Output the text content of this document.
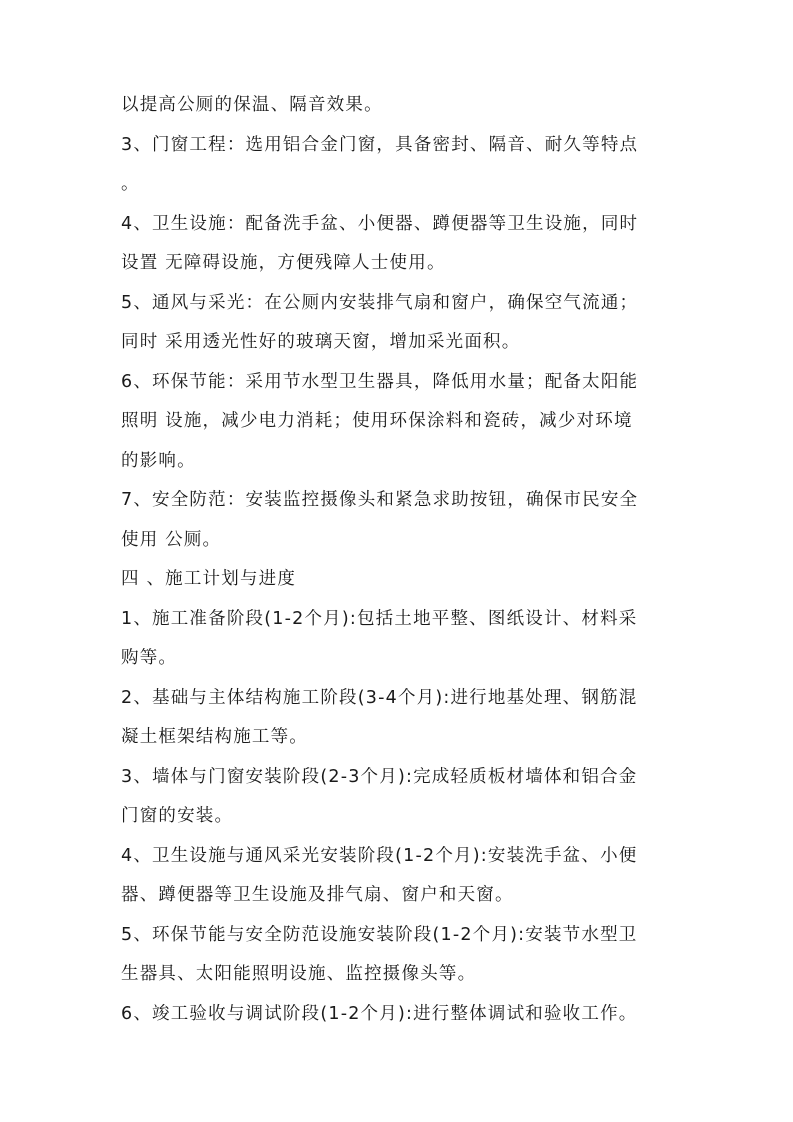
以提高公厕的保温、隔音效果。
3、门窗工程：选用铝合金门窗，具备密封、隔音、耐久等特点
。
4、卫生设施：配备洗手盆、小便器、蹲便器等卫生设施，同时
设置 无障碍设施，方便残障人士使用。
5、通风与采光：在公厕内安装排气扇和窗户，确保空气流通；
同时 采用透光性好的玻璃天窗，增加采光面积。
6、环保节能：采用节水型卫生器具，降低用水量；配备太阳能
照明 设施，减少电力消耗；使用环保涂料和瓷砖，减少对环境
的影响。
7、安全防范：安装监控摄像头和紧急求助按钮，确保市民安全
使用 公厕。
四 、施工计划与进度
1、施工准备阶段(1-2个月):包括土地平整、图纸设计、材料采
购等。
2、基础与主体结构施工阶段(3-4个月):进行地基处理、钢筋混
凝土框架结构施工等。
3、墙体与门窗安装阶段(2-3个月):完成轻质板材墙体和铝合金
门窗的安装。
4、卫生设施与通风采光安装阶段(1-2个月):安装洗手盆、小便
器、蹲便器等卫生设施及排气扇、窗户和天窗。
5、环保节能与安全防范设施安装阶段(1-2个月):安装节水型卫
生器具、太阳能照明设施、监控摄像头等。
6、竣工验收与调试阶段(1-2个月):进行整体调试和验收工作。
